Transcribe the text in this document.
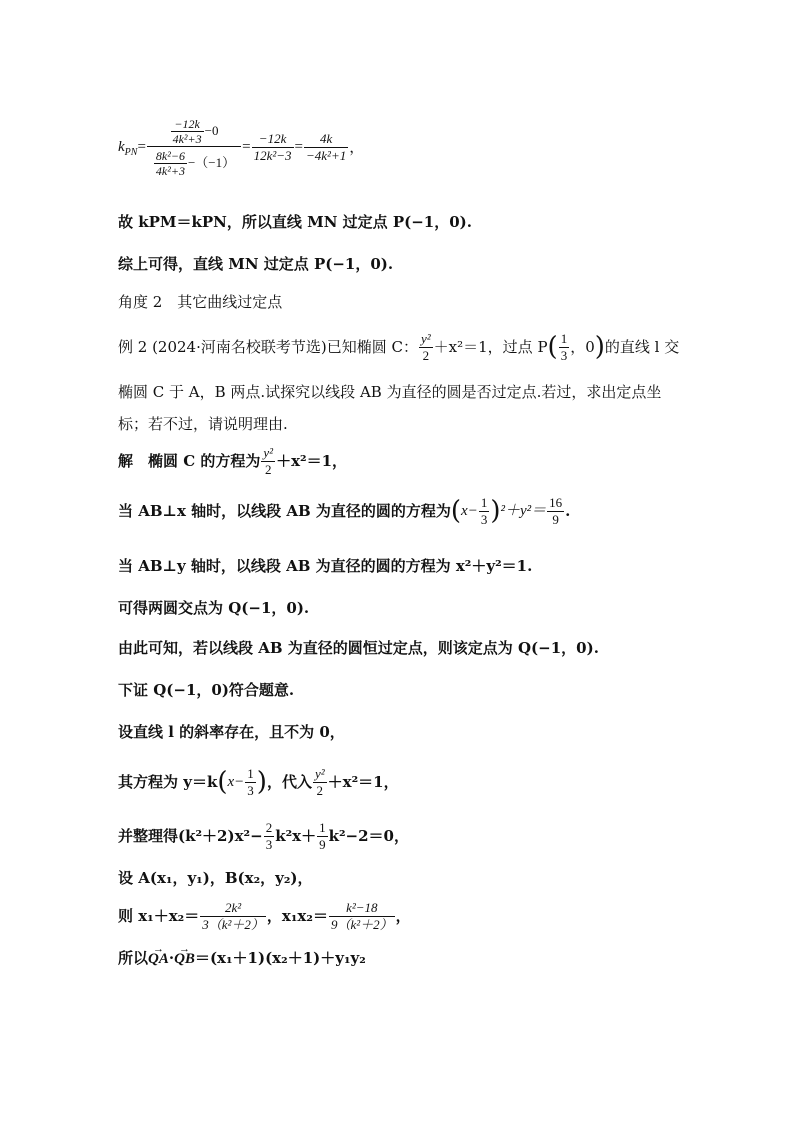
$k_{PN} = \frac{\frac{-12k}{\text{4k²+3}} -0}{\frac{\text{8k²−6}}{\text{4k²+3}} -(-1)} = \frac{-12k}{\text{12k²−3}} = \frac{4k}{\text{−4k²+1}}$ ，
故 kPM＝kPN，所以直线 MN 过定点 P(−1，0).
综上可得，直线 MN 过定点 P(−1，0).
角度 2　其它曲线过定点
例 2 (2024·河南名校联考节选)已知椭圆 C： $\frac{\text{y²}}{2} +x^2=1$，过点 P ( $\frac{1}{3}$ ，0 ) 的直线 l 交
椭圆 C 于 A，B 两点.试探究以线段 AB 为直径的圆是否过定点.若过，求出定点坐
标；若不过，请说明理由.
解　椭圆 C 的方程为 $\frac{\text{y²}}{2} +x^2=1$，
当 AB⊥x 轴时，以线段 AB 为直径的圆的方程为 ( $x- \frac{1}{3}$ ) $^2+y^2= \frac{16}{9}$ .
当 AB⊥y 轴时，以线段 AB 为直径的圆的方程为 x²＋y²＝1.
可得两圆交点为 Q(−1，0).
由此可知，若以线段 AB 为直径的圆恒过定点，则该定点为 Q(−1，0).
下证 Q(−1，0)符合题意.
设直线 l 的斜率存在，且不为 0，
其方程为 y＝k ( $x- \frac{1}{3}$ ) ，代入 $\frac{\text{y²}}{2} +x^2=1$，
并整理得$(k^2+2)x^2- \frac{2}{3} k^2x+ \frac{1}{9} k^2-2=0$，
设 A(x₁，y₁)，B(x₂，y₂)，
则 $x_1+x_2= \frac{\text{2k²}}{\text{3（k²＋2）}}$ ，$x_1x_2= \frac{\text{k²−18}}{\text{9（k²＋2）}}$ ，
所以→ QA·→ QB＝(x₁＋1)(x₂＋1)＋y₁y₂
